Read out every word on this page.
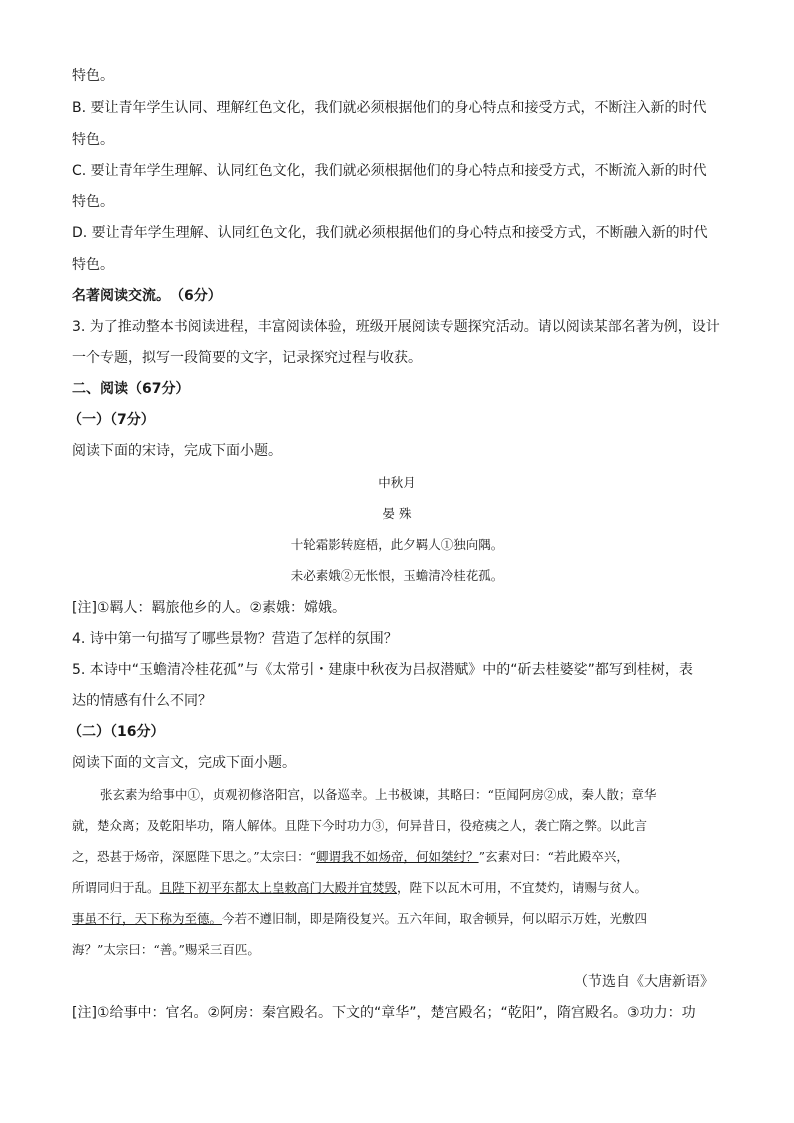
特色。
B. 要让青年学生认同、理解红色文化，我们就必须根据他们的身心特点和接受方式，不断注入新的时代
特色。
C. 要让青年学生理解、认同红色文化，我们就必须根据他们的身心特点和接受方式，不断流入新的时代
特色。
D. 要让青年学生理解、认同红色文化，我们就必须根据他们的身心特点和接受方式，不断融入新的时代
特色。
名著阅读交流。　（6分）
3. 为了推动整本书阅读进程，丰富阅读体验，班级开展阅读专题探究活动。请以阅读某部名著为例，设计
一个专题，拟写一段简要的文字，记录探究过程与收获。
二、阅读（67分）
（一）（7分）
阅读下面的宋诗，完成下面小题。
中秋月
晏 殊
十轮霜影转庭梧，此夕羁人①独向隅。
未必素娥②无怅恨，玉蟾清冷桂花孤。
[注]①羁人：羁旅他乡的人。②素娥：嫦娥。
4. 诗中第一句描写了哪些景物？营造了怎样的氛围？
5. 本诗中“玉蟾清冷桂花孤”与《太常引・建康中秋夜为吕叔潜赋》中的“斫去桂婆娑”都写到桂树，表
达的情感有什么不同？
（二）（16分）
阅读下面的文言文，完成下面小题。
张玄素为给事中①，贞观初修洛阳宫，以备巡幸。上书极谏，其略曰：“臣闻阿房②成，秦人散；章华
就，楚众离；及乾阳毕功，隋人解体。且陛下今时功力③，何异昔日，役疮痍之人，袭亡隋之弊。以此言
之，恐甚于炀帝，深愿陛下思之。”太宗曰：“卿谓我不如炀帝，何如桀纣？”玄素对曰：“若此殿卒兴，
所谓同归于乱。且陛下初平东都太上皇敕高门大殿并宜焚毁，陛下以瓦木可用，不宜焚灼，请赐与贫人。
事虽不行，天下称为至德。今若不遵旧制，即是隋役复兴。五六年间，取舍顿异，何以昭示万姓，光敷四
海？”太宗曰：“善。”赐采三百匹。
（节选自《大唐新语》
[注]①给事中：官名。②阿房：秦宫殿名。下文的“章华”，楚宫殿名；“乾阳”，隋宫殿名。③功力：功
